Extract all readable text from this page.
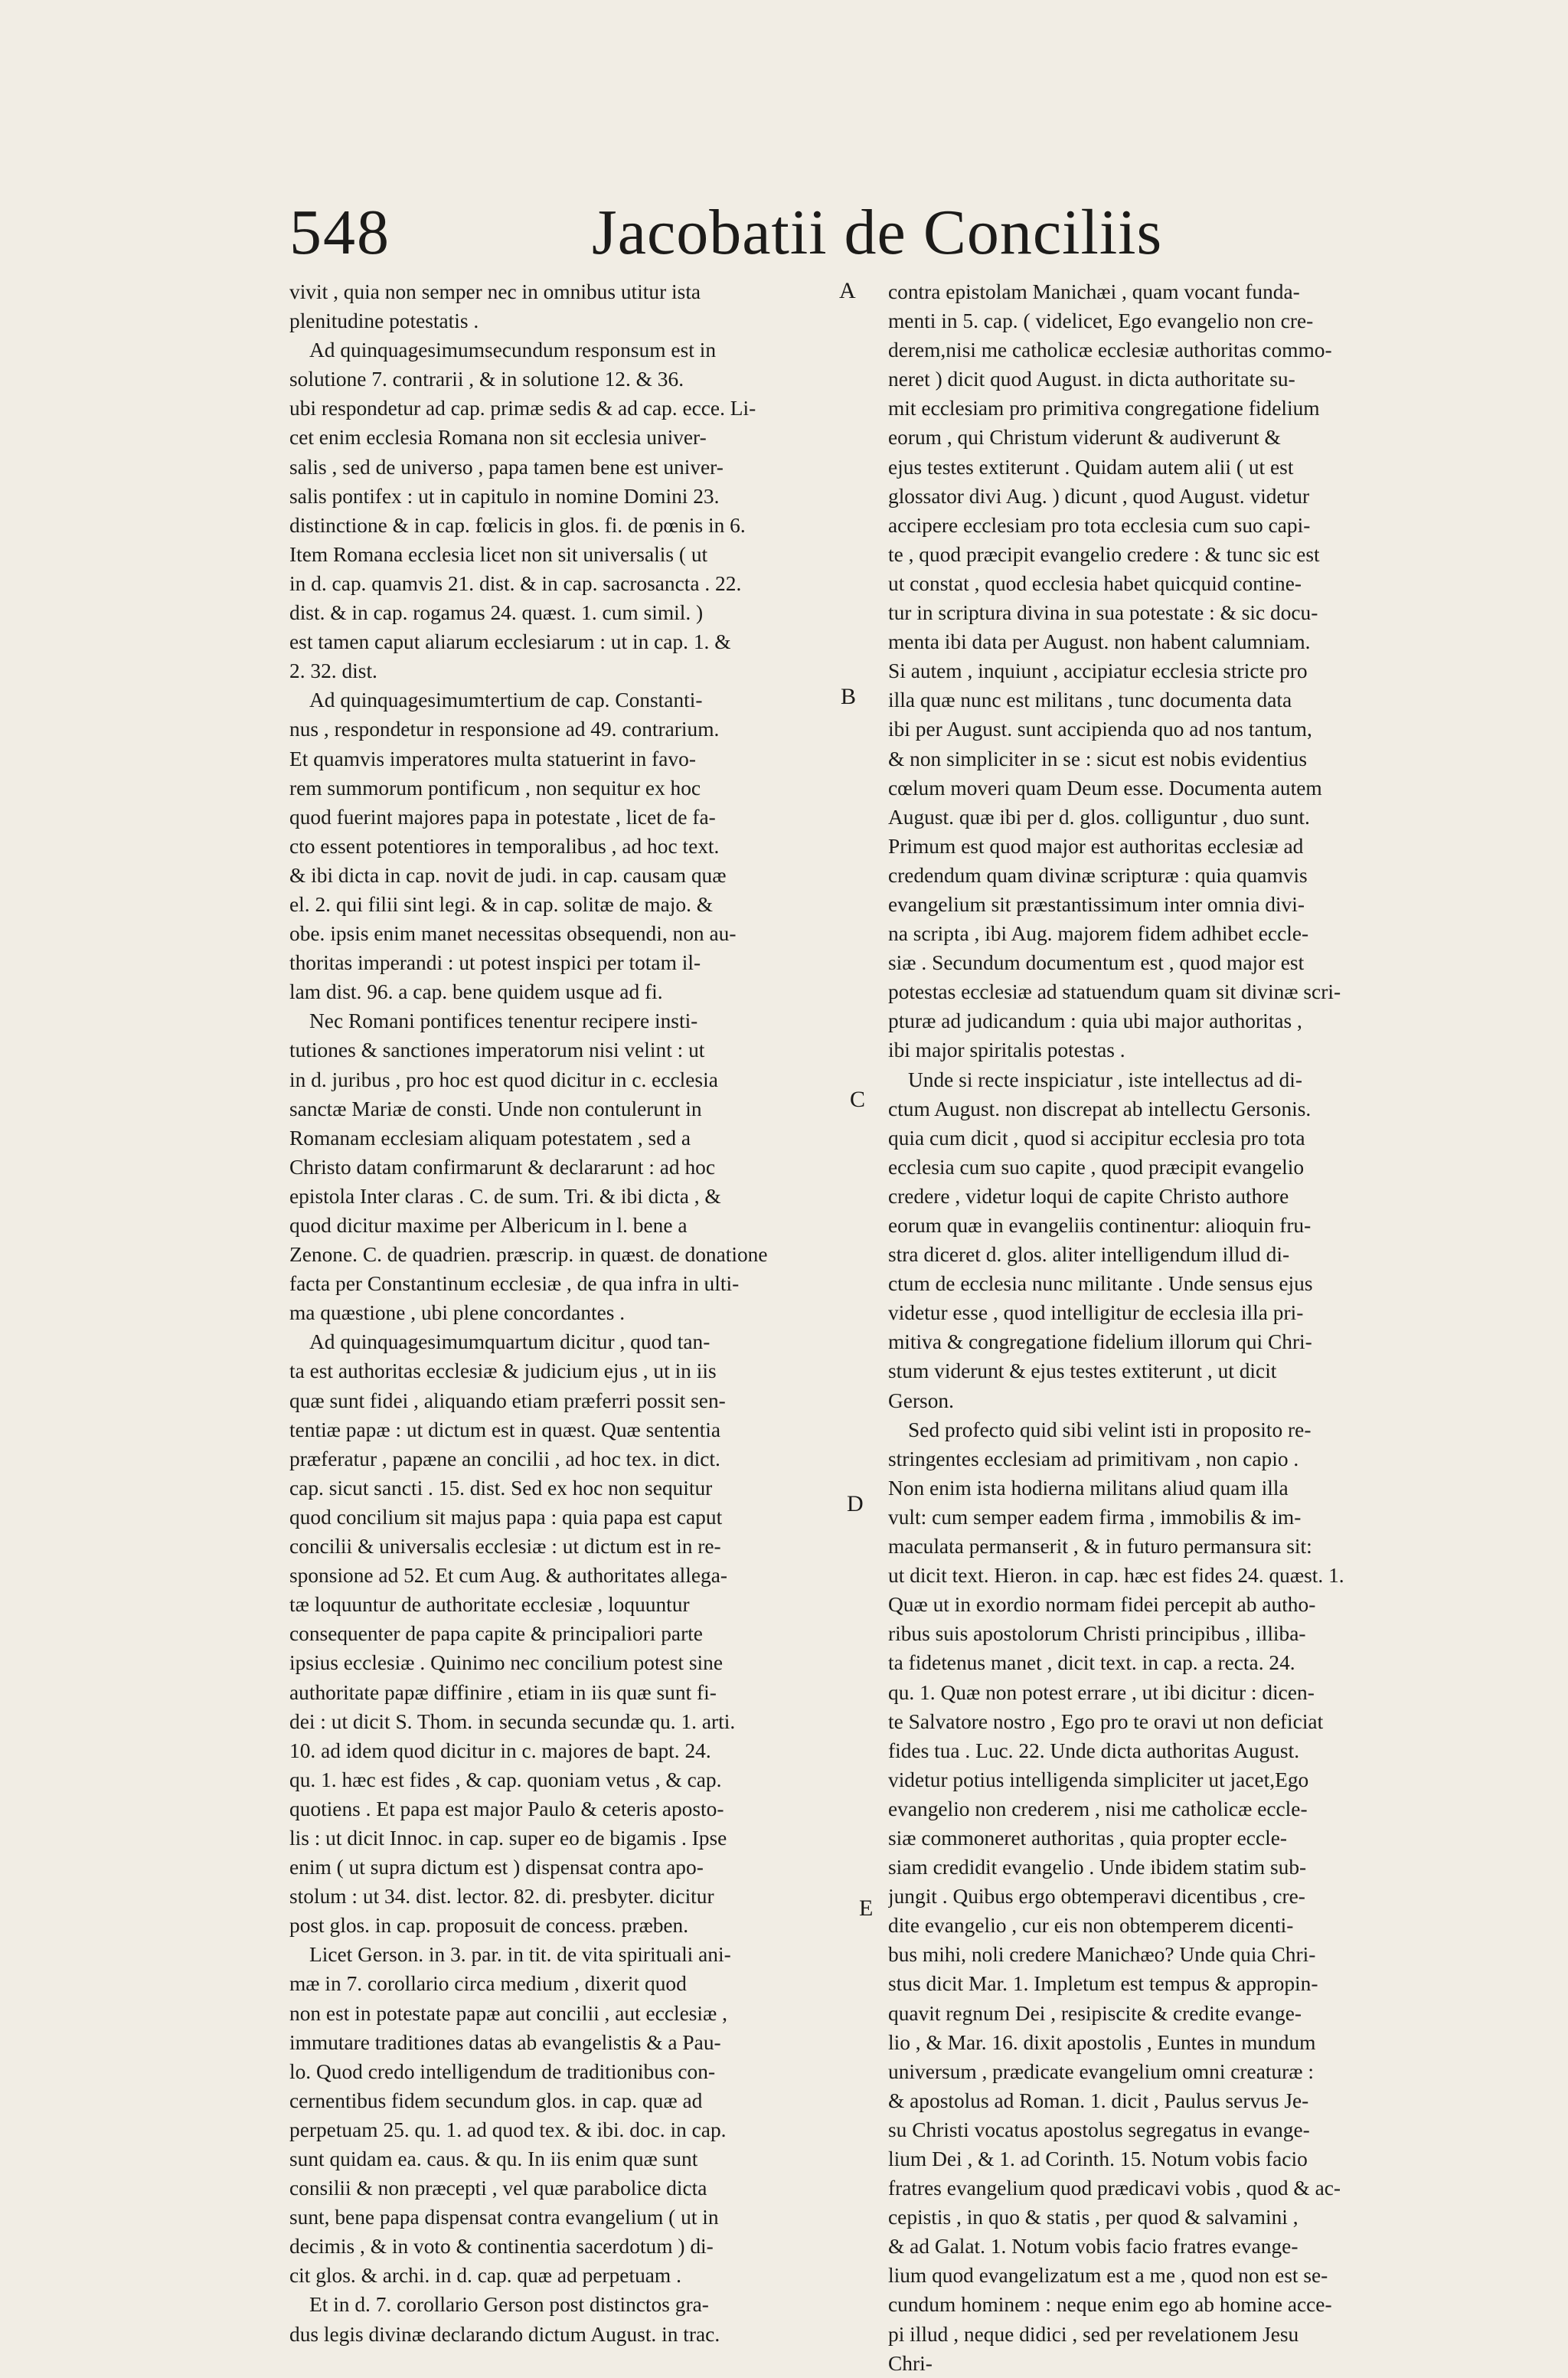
548	Jacobatii de Conciliis
vivit , quia non semper nec in omnibus utitur ista
plenitudine potestatis .
Ad quinquagesimumsecundum responsum est in
solutione 7. contrarii , & in solutione 12. & 36.
ubi respondetur ad cap. primæ sedis & ad cap. ecce. Li-
cet enim ecclesia Romana non sit ecclesia univer-
salis , sed de universo , papa tamen bene est univer-
salis pontifex : ut in capitulo in nomine Domini 23.
distinctione & in cap. fœlicis in glos. fi. de pœnis in 6.
Item Romana ecclesia licet non sit universalis ( ut
in d. cap. quamvis 21. dist. & in cap. sacrosancta . 22.
dist. & in cap. rogamus 24. quæst. 1. cum simil. )
est tamen caput aliarum ecclesiarum : ut in cap. 1. &
2. 32. dist.
Ad quinquagesimumtertium de cap. Constanti-
nus , respondetur in responsione ad 49. contrarium.
Et quamvis imperatores multa statuerint in favo-
rem summorum pontificum , non sequitur ex hoc
quod fuerint majores papa in potestate , licet de fa-
cto essent potentiores in temporalibus , ad hoc text.
& ibi dicta in cap. novit de judi. in cap. causam quæ
el. 2. qui filii sint legi. & in cap. solitæ de majo. &
obe. ipsis enim manet necessitas obsequendi, non au-
thoritas imperandi : ut potest inspici per totam il-
lam dist. 96. a cap. bene quidem usque ad fi.
Nec Romani pontifices tenentur recipere insti-
tutiones & sanctiones imperatorum nisi velint : ut
in d. juribus , pro hoc est quod dicitur in c. ecclesia
sanctæ Mariæ de consti. Unde non contulerunt in
Romanam ecclesiam aliquam potestatem , sed a
Christo datam confirmarunt & declararunt : ad hoc
epistola Inter claras . C. de sum. Tri. & ibi dicta , &
quod dicitur maxime per Albericum in l. bene a
Zenone. C. de quadrien. præscrip. in quæst. de donatione
facta per Constantinum ecclesiæ , de qua infra in ulti-
ma quæstione , ubi plene concordantes .
Ad quinquagesimumquartum dicitur , quod tan-
ta est authoritas ecclesiæ & judicium ejus , ut in iis
quæ sunt fidei , aliquando etiam præferri possit sen-
tentiæ papæ : ut dictum est in quæst. Quæ sententia
præferatur , papæne an concilii , ad hoc tex. in dict.
cap. sicut sancti . 15. dist. Sed ex hoc non sequitur
quod concilium sit majus papa : quia papa est caput
concilii & universalis ecclesiæ : ut dictum est in re-
sponsione ad 52. Et cum Aug. & authoritates allega-
tæ loquuntur de authoritate ecclesiæ , loquuntur
consequenter de papa capite & principaliori parte
ipsius ecclesiæ . Quinimo nec concilium potest sine
authoritate papæ diffinire , etiam in iis quæ sunt fi-
dei : ut dicit S. Thom. in secunda secundæ qu. 1. arti.
10. ad idem quod dicitur in c. majores de bapt. 24.
qu. 1. hæc est fides , & cap. quoniam vetus , & cap.
quotiens . Et papa est major Paulo & ceteris aposto-
lis : ut dicit Innoc. in cap. super eo de bigamis . Ipse
enim ( ut supra dictum est ) dispensat contra apo-
stolum : ut 34. dist. lector. 82. di. presbyter. dicitur
post glos. in cap. proposuit de concess. præben.
Licet Gerson. in 3. par. in tit. de vita spirituali ani-
mæ in 7. corollario circa medium , dixerit quod
non est in potestate papæ aut concilii , aut ecclesiæ ,
immutare traditiones datas ab evangelistis & a Pau-
lo. Quod credo intelligendum de traditionibus con-
cernentibus fidem secundum glos. in cap. quæ ad
perpetuam 25. qu. 1. ad quod tex. & ibi. doc. in cap.
sunt quidam ea. caus. & qu. In iis enim quæ sunt
consilii & non præcepti , vel quæ parabolice dicta
sunt, bene papa dispensat contra evangelium ( ut in
decimis , & in voto & continentia sacerdotum ) di-
cit glos. & archi. in d. cap. quæ ad perpetuam .
Et in d. 7. corollario Gerson post distinctos gra-
dus legis divinæ declarando dictum August. in trac.
contra epistolam Manichæi , quam vocant funda-
menti in 5. cap. ( videlicet, Ego evangelio non cre-
derem,nisi me catholicæ ecclesiæ authoritas commo-
neret ) dicit quod August. in dicta authoritate su-
mit ecclesiam pro primitiva congregatione fidelium
eorum , qui Christum viderunt & audiverunt &
ejus testes extiterunt . Quidam autem alii ( ut est
glossator divi Aug. ) dicunt , quod August. videtur
accipere ecclesiam pro tota ecclesia cum suo capi-
te , quod præcipit evangelio credere : & tunc sic est
ut constat , quod ecclesia habet quicquid contine-
tur in scriptura divina in sua potestate : & sic docu-
menta ibi data per August. non habent calumniam.
Si autem , inquiunt , accipiatur ecclesia stricte pro
illa quæ nunc est militans , tunc documenta data
ibi per August. sunt accipienda quo ad nos tantum,
& non simpliciter in se : sicut est nobis evidentius
cœlum moveri quam Deum esse. Documenta autem
August. quæ ibi per d. glos. colliguntur , duo sunt.
Primum est quod major est authoritas ecclesiæ ad
credendum quam divinæ scripturæ : quia quamvis
evangelium sit præstantissimum inter omnia divi-
na scripta , ibi Aug. majorem fidem adhibet eccle-
siæ . Secundum documentum est , quod major est
potestas ecclesiæ ad statuendum quam sit divinæ scri-
pturæ ad judicandum : quia ubi major authoritas ,
ibi major spiritalis potestas .
Unde si recte inspiciatur , iste intellectus ad di-
ctum August. non discrepat ab intellectu Gersonis.
quia cum dicit , quod si accipitur ecclesia pro tota
ecclesia cum suo capite , quod præcipit evangelio
credere , videtur loqui de capite Christo authore
eorum quæ in evangeliis continentur: alioquin fru-
stra diceret d. glos. aliter intelligendum illud di-
ctum de ecclesia nunc militante . Unde sensus ejus
videtur esse , quod intelligitur de ecclesia illa pri-
mitiva & congregatione fidelium illorum qui Chri-
stum viderunt & ejus testes extiterunt , ut dicit
Gerson.
Sed profecto quid sibi velint isti in proposito re-
stringentes ecclesiam ad primitivam , non capio .
Non enim ista hodierna militans aliud quam illa
vult: cum semper eadem firma , immobilis & im-
maculata permanserit , & in futuro permansura sit:
ut dicit text. Hieron. in cap. hæc est fides 24. quæst. 1.
Quæ ut in exordio normam fidei percepit ab autho-
ribus suis apostolorum Christi principibus , illiba-
ta fidetenus manet , dicit text. in cap. a recta. 24.
qu. 1. Quæ non potest errare , ut ibi dicitur : dicen-
te Salvatore nostro , Ego pro te oravi ut non deficiat
fides tua . Luc. 22. Unde dicta authoritas August.
videtur potius intelligenda simpliciter ut jacet,Ego
evangelio non crederem , nisi me catholicæ eccle-
siæ commoneret authoritas , quia propter eccle-
siam credidit evangelio . Unde ibidem statim sub-
jungit . Quibus ergo obtemperavi dicentibus , cre-
dite evangelio , cur eis non obtemperem dicenti-
bus mihi, noli credere Manichæo? Unde quia Chri-
stus dicit Mar. 1. Impletum est tempus & appropin-
quavit regnum Dei , resipiscite & credite evange-
lio , & Mar. 16. dixit apostolis , Euntes in mundum
universum , prædicate evangelium omni creaturæ :
& apostolus ad Roman. 1. dicit , Paulus servus Je-
su Christi vocatus apostolus segregatus in evange-
lium Dei , & 1. ad Corinth. 15. Notum vobis facio
fratres evangelium quod prædicavi vobis , quod & ac-
cepistis , in quo & statis , per quod & salvamini ,
& ad Galat. 1. Notum vobis facio fratres evange-
lium quod evangelizatum est a me , quod non est se-
cundum hominem : neque enim ego ab homine acce-
pi illud , neque didici , sed per revelationem Jesu
Chri-
A
B
C
D
E
